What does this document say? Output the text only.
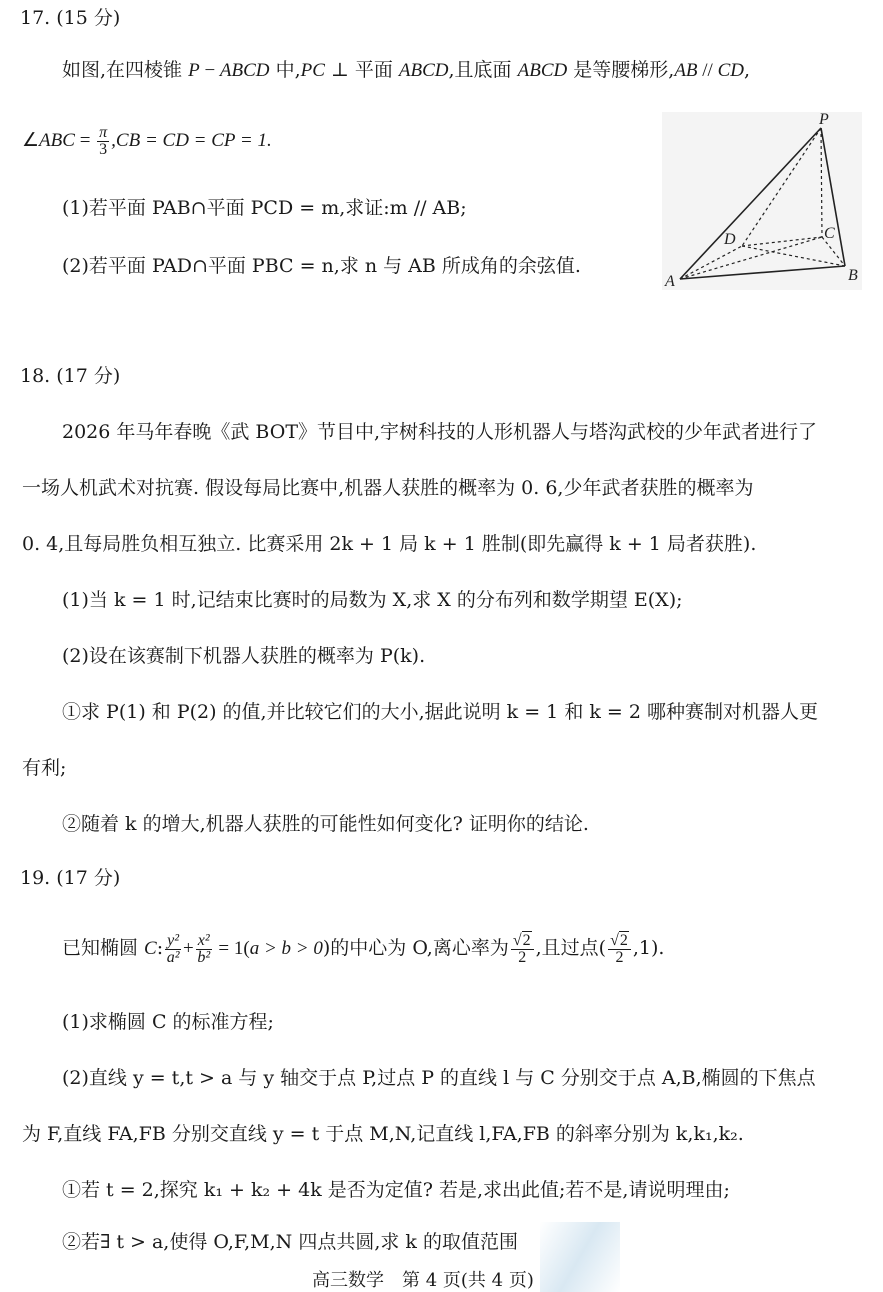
17. (15 分)
如图,在四棱锥 P − ABCD 中,PC ⊥ 平面 ABCD,且底面 ABCD 是等腰梯形,AB // CD,
∠ABC = $\frac{\pi}{3} ,CB$ = CD = CP = 1.
(1)若平面 PAB∩平面 PCD = m,求证:m // AB;
(2)若平面 PAD∩平面 PBC = n,求 n 与 AB 所成角的余弦值.
P
C
D
A	B
18. (17 分)
2026 年马年春晚《武 BOT》节目中,宇树科技的人形机器人与塔沟武校的少年武者进行了
一场人机武术对抗赛. 假设每局比赛中,机器人获胜的概率为 0. 6,少年武者获胜的概率为
0. 4,且每局胜负相互独立. 比赛采用 2k + 1 局 k + 1 胜制(即先赢得 k + 1 局者获胜).
(1)当 k = 1 时,记结束比赛时的局数为 X,求 X 的分布列和数学期望 E(X);
(2)设在该赛制下机器人获胜的概率为 P(k).
①求 P(1) 和 P(2) 的值,并比较它们的大小,据此说明 k = 1 和 k = 2 哪种赛制对机器人更
有利;
②随着 k 的增大,机器人获胜的可能性如何变化? 证明你的结论.
19. (17 分)
已知椭圆 C: $\frac{\text{y²}}{\text{a²}} + \frac{\text{x²}}{\text{b²}} = 1(a > b > 0)$的中心为 O,离心率为 $\frac{√2}{2}$ ,且过点( $\frac{√2}{2} ,1$).
(1)求椭圆 C 的标准方程;
(2)直线 y = t,t > a 与 y 轴交于点 P,过点 P 的直线 l 与 C 分别交于点 A,B,椭圆的下焦点
为 F,直线 FA,FB 分别交直线 y = t 于点 M,N,记直线 l,FA,FB 的斜率分别为 k,k₁,k₂.
①若 t = 2,探究 k₁ + k₂ + 4k 是否为定值? 若是,求出此值;若不是,请说明理由;
②若∃ t > a,使得 O,F,M,N 四点共圆,求 k 的取值范围
高三数学　第 4 页(共 4 页)
